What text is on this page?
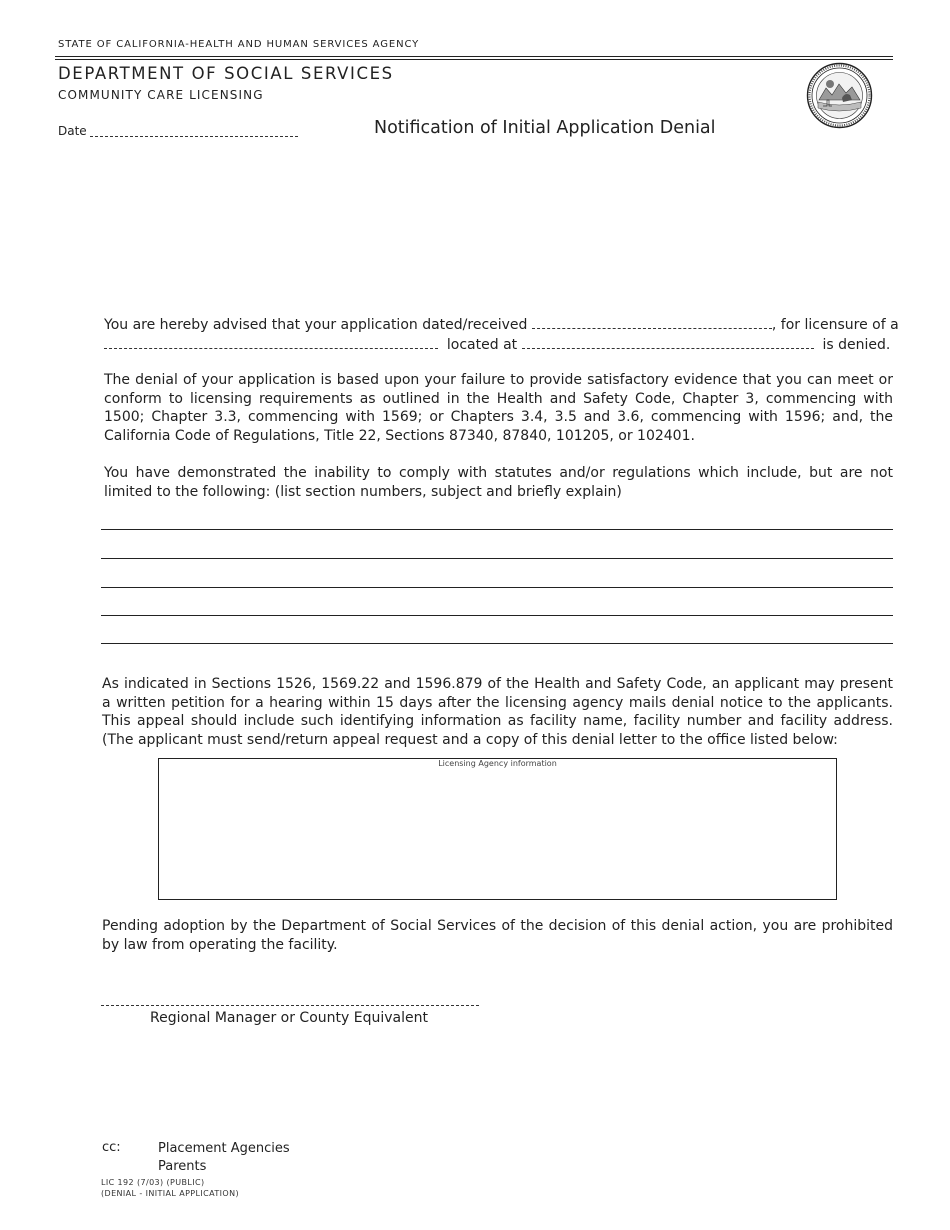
STATE OF CALIFORNIA-HEALTH AND HUMAN SERVICES AGENCY
DEPARTMENT OF SOCIAL SERVICES
COMMUNITY CARE LICENSING
Date	Notification of Initial Application Denial
You are hereby advised that your application dated/received	, for licensure of a
located at	is denied.
The denial of your application is based upon your failure to provide satisfactory evidence that you can meet or conform to licensing requirements as outlined in the Health and Safety Code, Chapter 3, commencing with 1500; Chapter 3.3, commencing with 1569; or Chapters 3.4, 3.5 and 3.6, commencing with 1596; and, the California Code of Regulations, Title 22, Sections 87340, 87840, 101205, or 102401.
You have demonstrated the inability to comply with statutes and/or regulations which include, but are not limited to the following: (list section numbers, subject and briefly explain)
As indicated in Sections 1526, 1569.22 and 1596.879 of the Health and Safety Code, an applicant may present a written petition for a hearing within 15 days after the licensing agency mails denial notice to the applicants. This appeal should include such identifying information as facility name, facility number and facility address. (The applicant must send/return appeal request and a copy of this denial letter to the office listed below:
Licensing Agency information
Pending adoption by the Department of Social Services of the decision of this denial action, you are prohibited by law from operating the facility.
Regional Manager or County Equivalent
cc:	Placement Agencies
Parents
LIC 192 (7/03) (PUBLIC)
(DENIAL - INITIAL APPLICATION)
